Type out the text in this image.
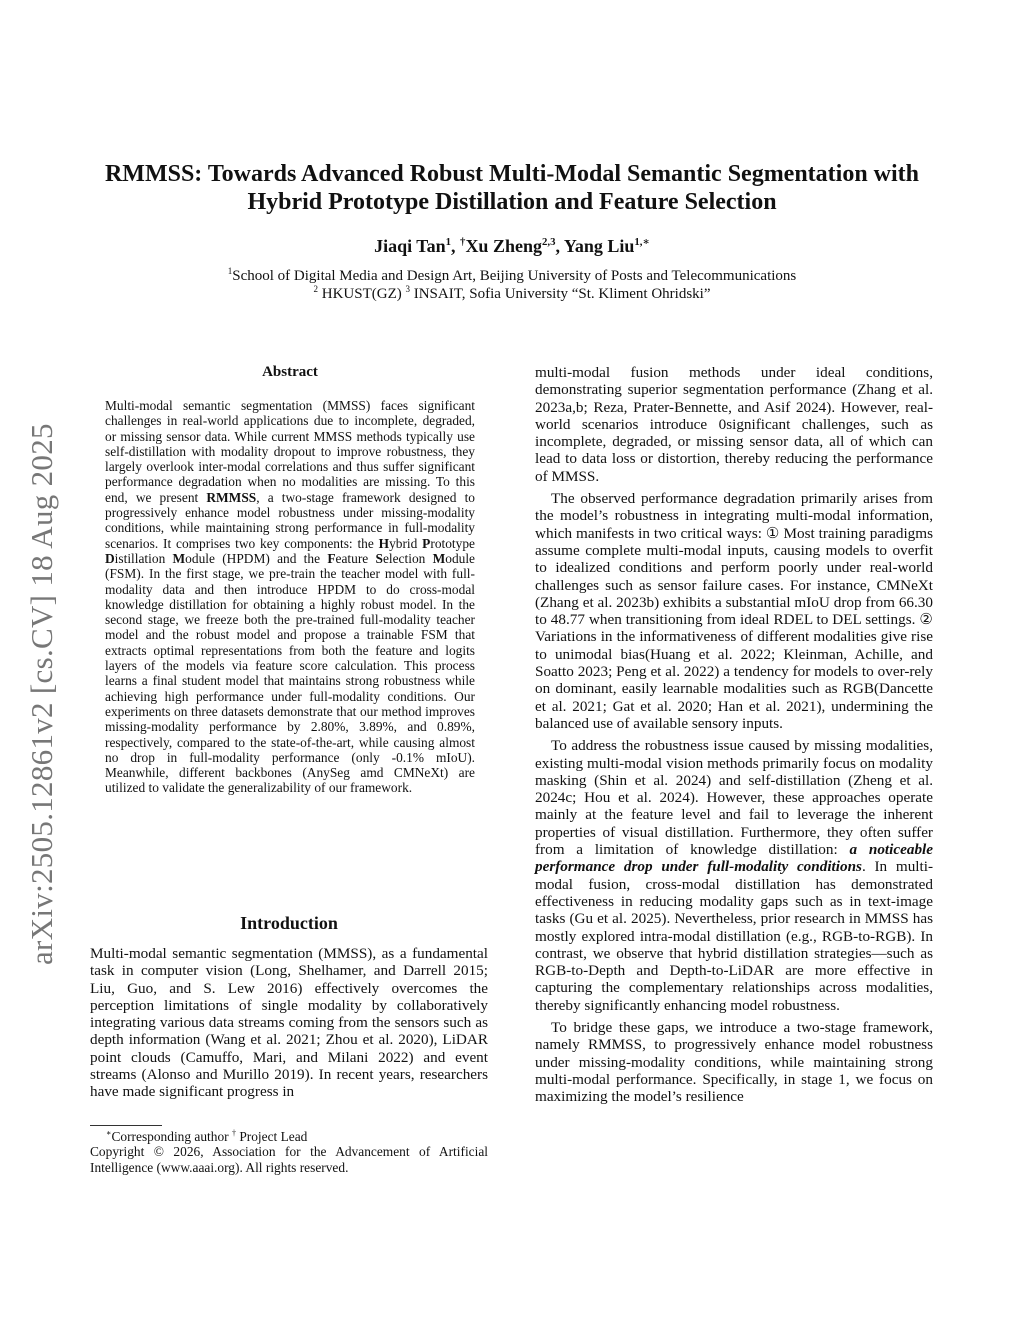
arXiv:2505.12861v2 [cs.CV] 18 Aug 2025
RMMSS: Towards Advanced Robust Multi-Modal Semantic Segmentation with
Hybrid Prototype Distillation and Feature Selection
Jiaqi Tan$^1$, †Xu Zheng$^{2,3}$, Yang Liu$^{1,∗}$
$^1$School of Digital Media and Design Art, Beijing University of Posts and Telecommunications
$^2$ HKUST(GZ) $^3$ INSAIT, Sofia University “St. Kliment Ohridski”
Abstract

Multi-modal semantic segmentation (MMSS) faces significant challenges in real-world applications due to incomplete, degraded, or missing sensor data. While current MMSS methods typically use self-distillation with modality dropout to improve robustness, they largely overlook inter-modal correlations and thus suffer significant performance degradation when no modalities are missing. To this end, we present RMMSS, a two-stage framework designed to progressively enhance model robustness under missing-modality conditions, while maintaining strong performance in full-modality scenarios. It comprises two key components: the Hybrid Prototype Distillation Module (HPDM) and the Feature Selection Module (FSM). In the first stage, we pre-train the teacher model with full-modality data and then introduce HPDM to do cross-modal knowledge distillation for obtaining a highly robust model. In the second stage, we freeze both the pre-trained full-modality teacher model and the robust model and propose a trainable FSM that extracts optimal representations from both the feature and logits layers of the models via feature score calculation. This process learns a final student model that maintains strong robustness while achieving high performance under full-modality conditions. Our experiments on three datasets demonstrate that our method improves missing-modality performance by 2.80%, 3.89%, and 0.89%, respectively, compared to the state-of-the-art, while causing almost no drop in full-modality performance (only -0.1% mIoU). Meanwhile, different backbones (AnySeg amd CMNeXt) are utilized to validate the generalizability of our framework.

Introduction

Multi-modal semantic segmentation (MMSS), as a fundamental task in computer vision (Long, Shelhamer, and Darrell 2015; Liu, Guo, and S. Lew 2016) effectively overcomes the perception limitations of single modality by collaboratively integrating various data streams coming from the sensors such as depth information (Wang et al. 2021; Zhou et al. 2020), LiDAR point clouds (Camuffo, Mari, and Milani 2022) and event streams (Alonso and Murillo 2019). In recent years, researchers have made significant progress in

∗Corresponding author † Project Lead

Copyright © 2026, Association for the Advancement of Artificial Intelligence (www.aaai.org). All rights reserved.

multi-modal fusion methods under ideal conditions, demonstrating superior segmentation performance (Zhang et al. 2023a,b; Reza, Prater-Bennette, and Asif 2024). However, real-world scenarios introduce 0significant challenges, such as incomplete, degraded, or missing sensor data, all of which can lead to data loss or distortion, thereby reducing the performance of MMSS.

The observed performance degradation primarily arises from the model’s robustness in integrating multi-modal information, which manifests in two critical ways: ① Most training paradigms assume complete multi-modal inputs, causing models to overfit to idealized conditions and perform poorly under real-world challenges such as sensor failure cases. For instance, CMNeXt (Zhang et al. 2023b) exhibits a substantial mIoU drop from 66.30 to 48.77 when transitioning from ideal RDEL to DEL settings. ② Variations in the informativeness of different modalities give rise to unimodal bias(Huang et al. 2022; Kleinman, Achille, and Soatto 2023; Peng et al. 2022) a tendency for models to over-rely on dominant, easily learnable modalities such as RGB(Dancette et al. 2021; Gat et al. 2020; Han et al. 2021), undermining the balanced use of available sensory inputs.

To address the robustness issue caused by missing modalities, existing multi-modal vision methods primarily focus on modality masking (Shin et al. 2024) and self-distillation (Zheng et al. 2024c; Hou et al. 2024). However, these approaches operate mainly at the feature level and fail to leverage the inherent properties of visual distillation. Furthermore, they often suffer from a limitation of knowledge distillation: a noticeable performance drop under full-modality conditions. In multi-modal fusion, cross-modal distillation has demonstrated effectiveness in reducing modality gaps such as in text-image tasks (Gu et al. 2025). Nevertheless, prior research in MMSS has mostly explored intra-modal distillation (e.g., RGB-to-RGB). In contrast, we observe that hybrid distillation strategies—such as RGB-to-Depth and Depth-to-LiDAR are more effective in capturing the complementary relationships across modalities, thereby significantly enhancing model robustness.

To bridge these gaps, we introduce a two-stage framework, namely RMMSS, to progressively enhance model robustness under missing-modality conditions, while maintaining strong multi-modal performance. Specifically, in stage 1, we focus on maximizing the model’s resilience
